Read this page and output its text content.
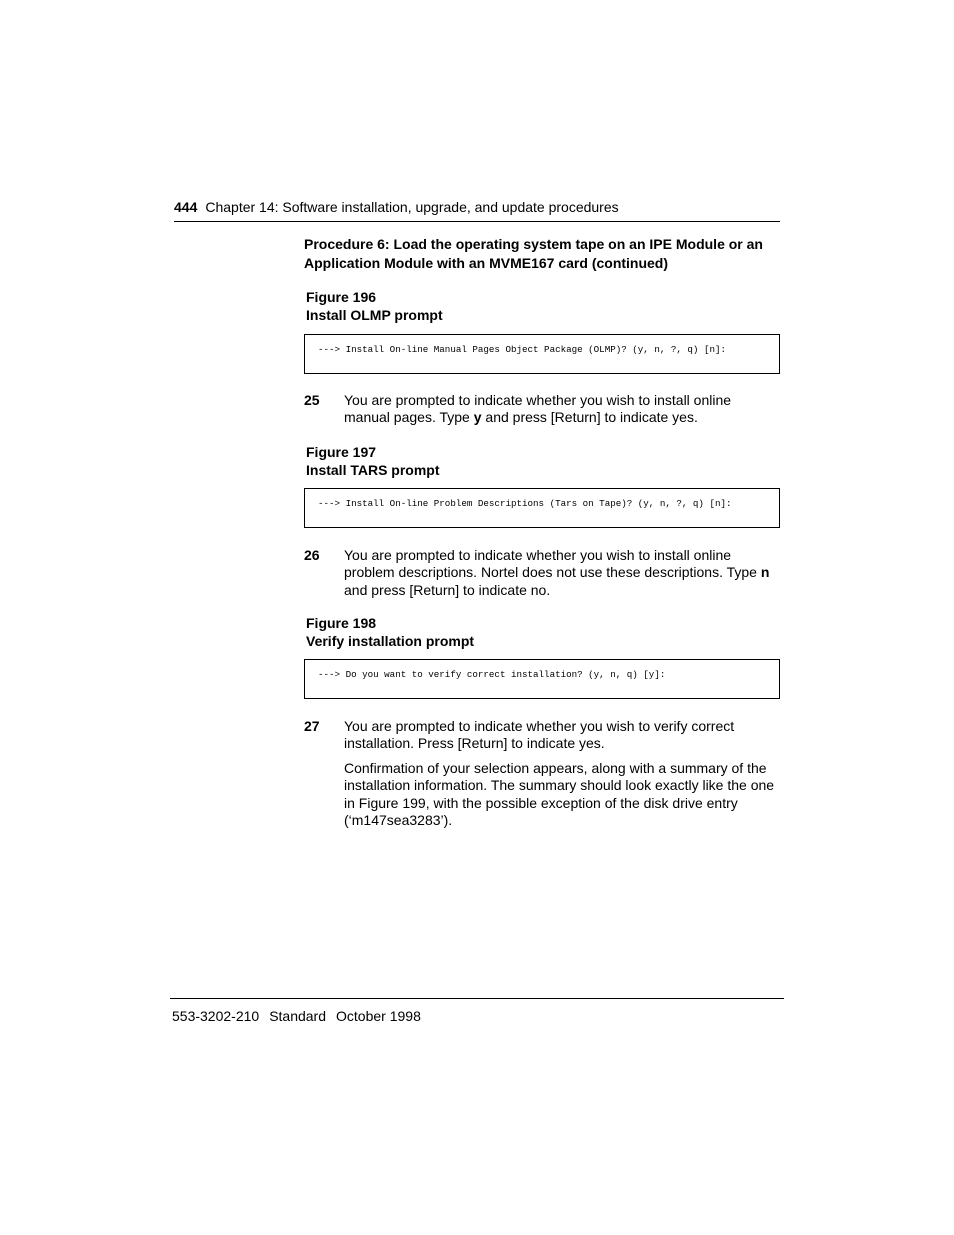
444 Chapter 14: Software installation, upgrade, and update procedures
Procedure 6: Load the operating system tape on an IPE Module or an Application Module with an MVME167 card (continued)
Figure 196
Install OLMP prompt
---> Install On-line Manual Pages Object Package (OLMP)? (y, n, ?, q) [n]:
25 You are prompted to indicate whether you wish to install online manual pages. Type y and press [Return] to indicate yes.
Figure 197
Install TARS prompt
---> Install On-line Problem Descriptions (Tars on Tape)? (y, n, ?, q) [n]:
26 You are prompted to indicate whether you wish to install online problem descriptions. Nortel does not use these descriptions. Type n and press [Return] to indicate no.
Figure 198
Verify installation prompt
---> Do you want to verify correct installation? (y, n, q) [y]:
27 You are prompted to indicate whether you wish to verify correct installation. Press [Return] to indicate yes.
Confirmation of your selection appears, along with a summary of the installation information. The summary should look exactly like the one in Figure 199, with the possible exception of the disk drive entry (‘m147sea3283’).
553-3202-210 Standard October 1998
